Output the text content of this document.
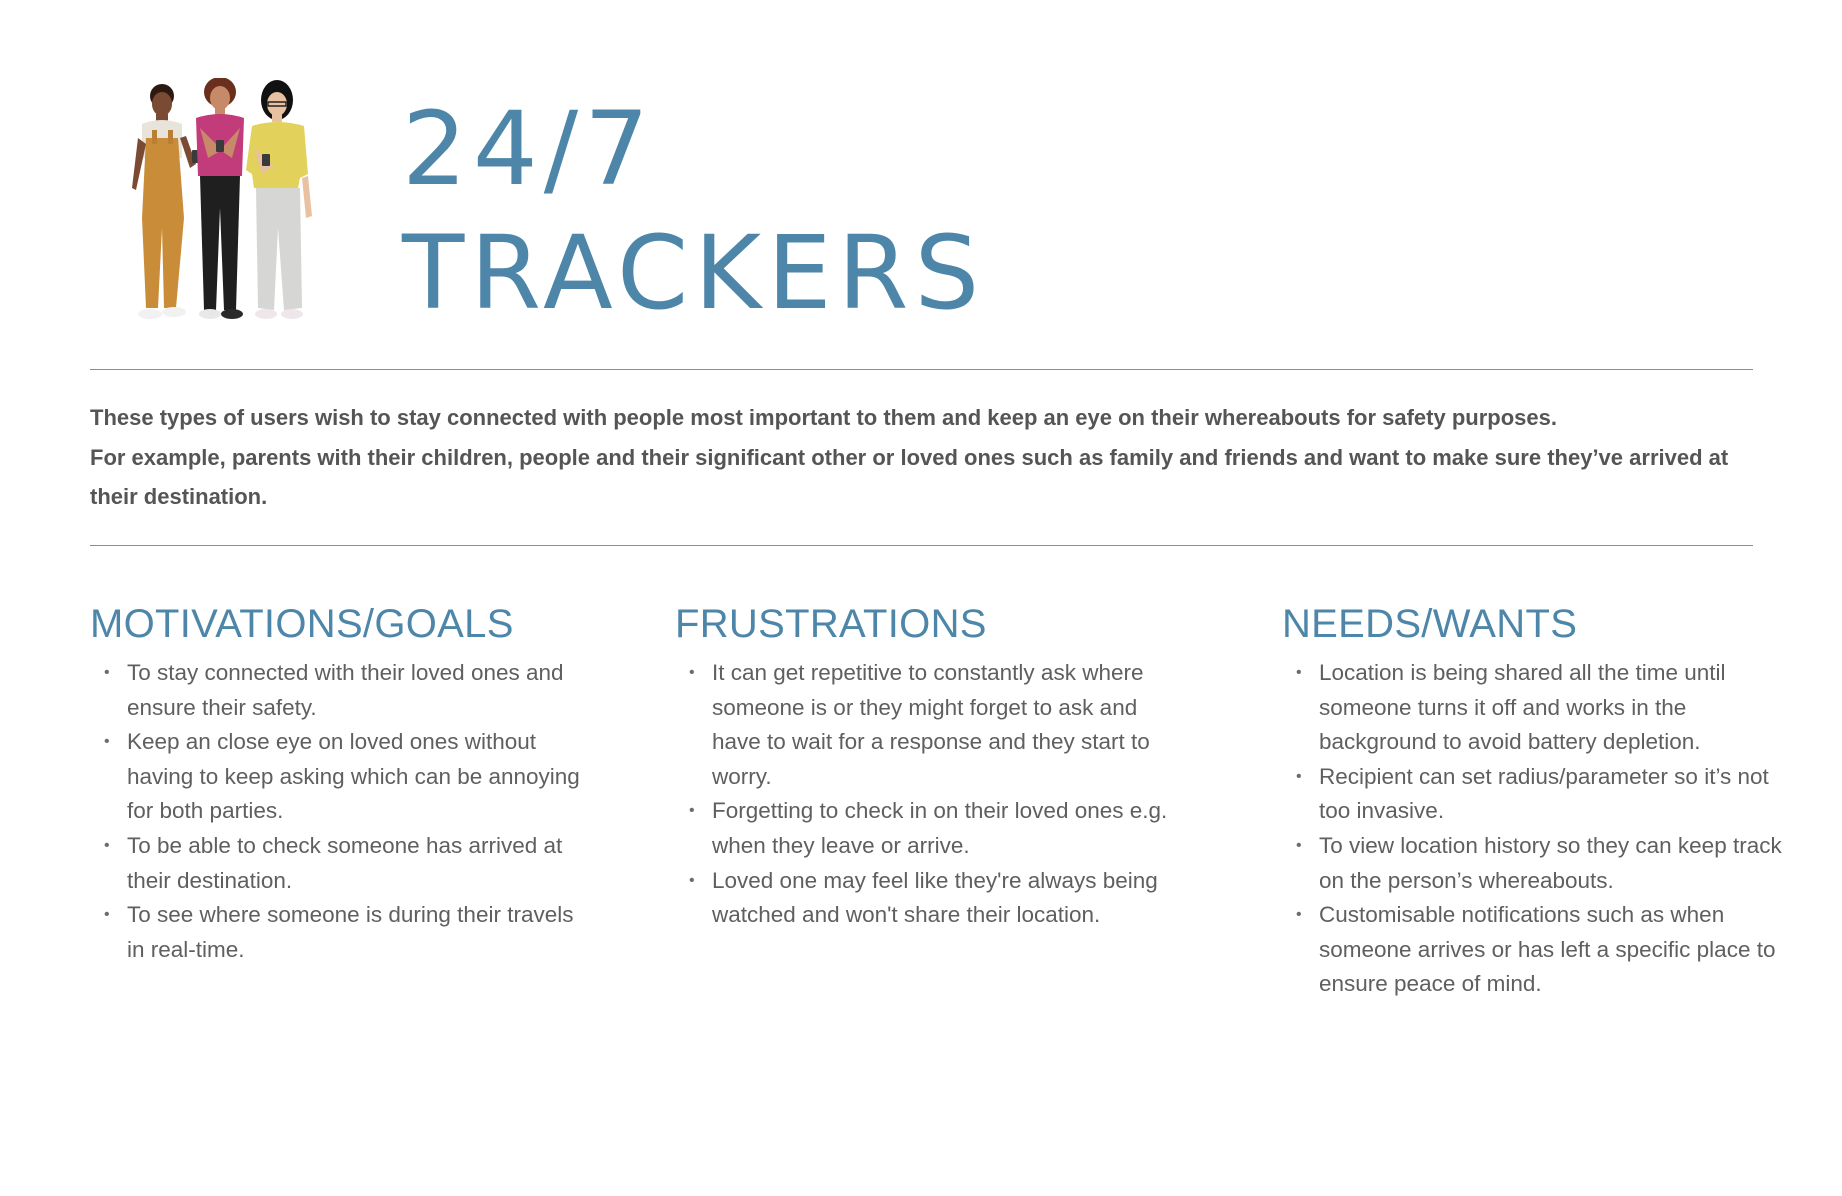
24/7
TRACKERS

These types of users wish to stay connected with people most important to them and keep an eye on their whereabouts for safety purposes.

For example, parents with their children, people and their significant other or loved ones such as family and friends and want to make sure they’ve arrived at their destination.

MOTIVATIONS/GOALS
• To stay connected with their loved ones and ensure their safety.
• Keep an close eye on loved ones without having to keep asking which can be annoying for both parties.
• To be able to check someone has arrived at their destination.
• To see where someone is during their travels in real-time.
FRUSTRATIONS
• It can get repetitive to constantly ask where someone is or they might forget to ask and have to wait for a response and they start to worry.
• Forgetting to check in on their loved ones e.g. when they leave or arrive.
• Loved one may feel like they're always being watched and won't share their location.
NEEDS/WANTS
• Location is being shared all the time until someone turns it off and works in the background to avoid battery depletion.
• Recipient can set radius/parameter so it’s not too invasive.
• To view location history so they can keep track on the person’s whereabouts.
• Customisable notifications such as when someone arrives or has left a specific place to ensure peace of mind.
